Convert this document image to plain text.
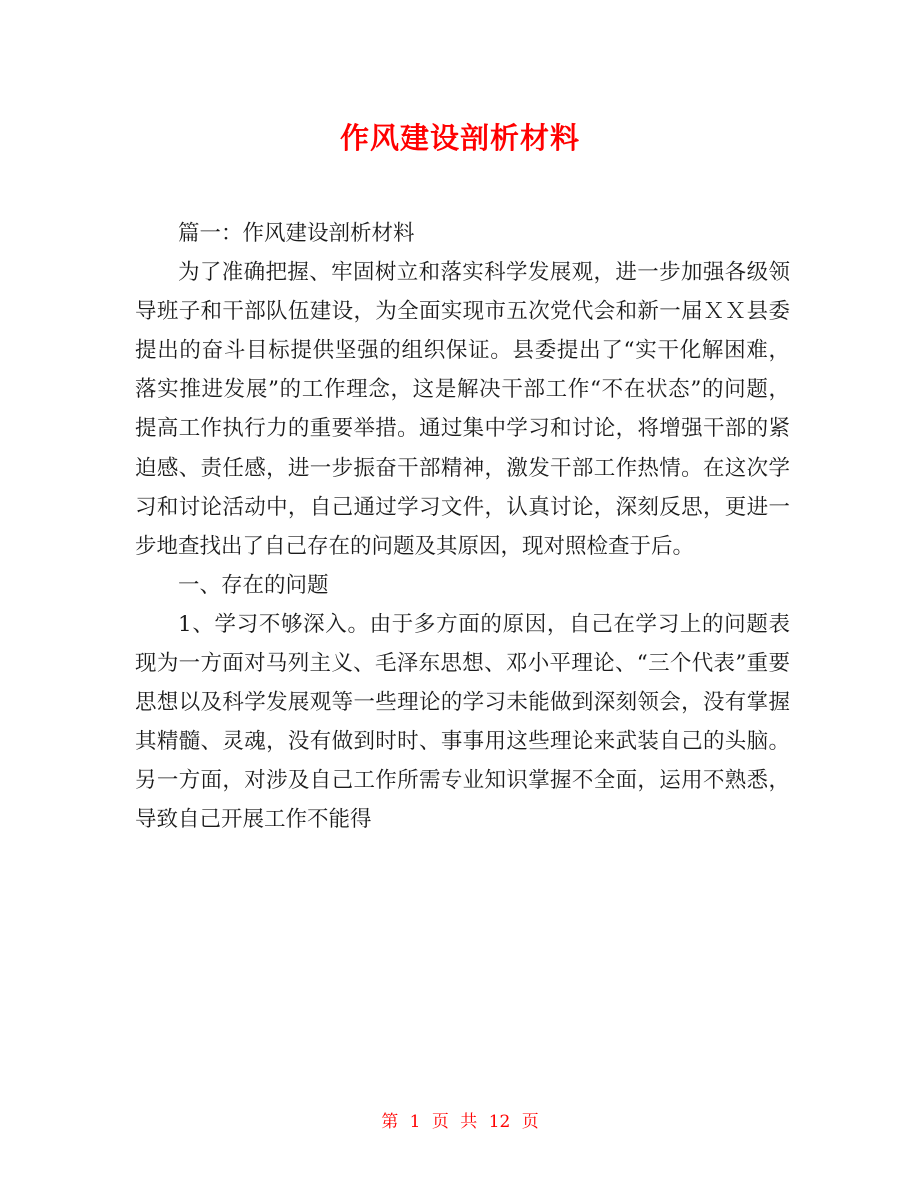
作风建设剖析材料

篇一：作风建设剖析材料

为了准确把握、牢固树立和落实科学发展观，进一步加强各级领导班子和干部队伍建设，为全面实现市五次党代会和新一届ＸＸ县委提出的奋斗目标提供坚强的组织保证。县委提出了“实干化解困难，落实推进发展”的工作理念，这是解决干部工作“不在状态”的问题，提高工作执行力的重要举措。通过集中学习和讨论，将增强干部的紧迫感、责任感，进一步振奋干部精神，激发干部工作热情。在这次学习和讨论活动中，自己通过学习文件，认真讨论，深刻反思，更进一步地查找出了自己存在的问题及其原因，现对照检查于后。

一、存在的问题

1、学习不够深入。由于多方面的原因，自己在学习上的问题表现为一方面对马列主义、毛泽东思想、邓小平理论、“三个代表”重要思想以及科学发展观等一些理论的学习未能做到深刻领会，没有掌握其精髓、灵魂，没有做到时时、事事用这些理论来武装自己的头脑。另一方面，对涉及自己工作所需专业知识掌握不全面，运用不熟悉，导致自己开展工作不能得

第 1 页 共 12 页
